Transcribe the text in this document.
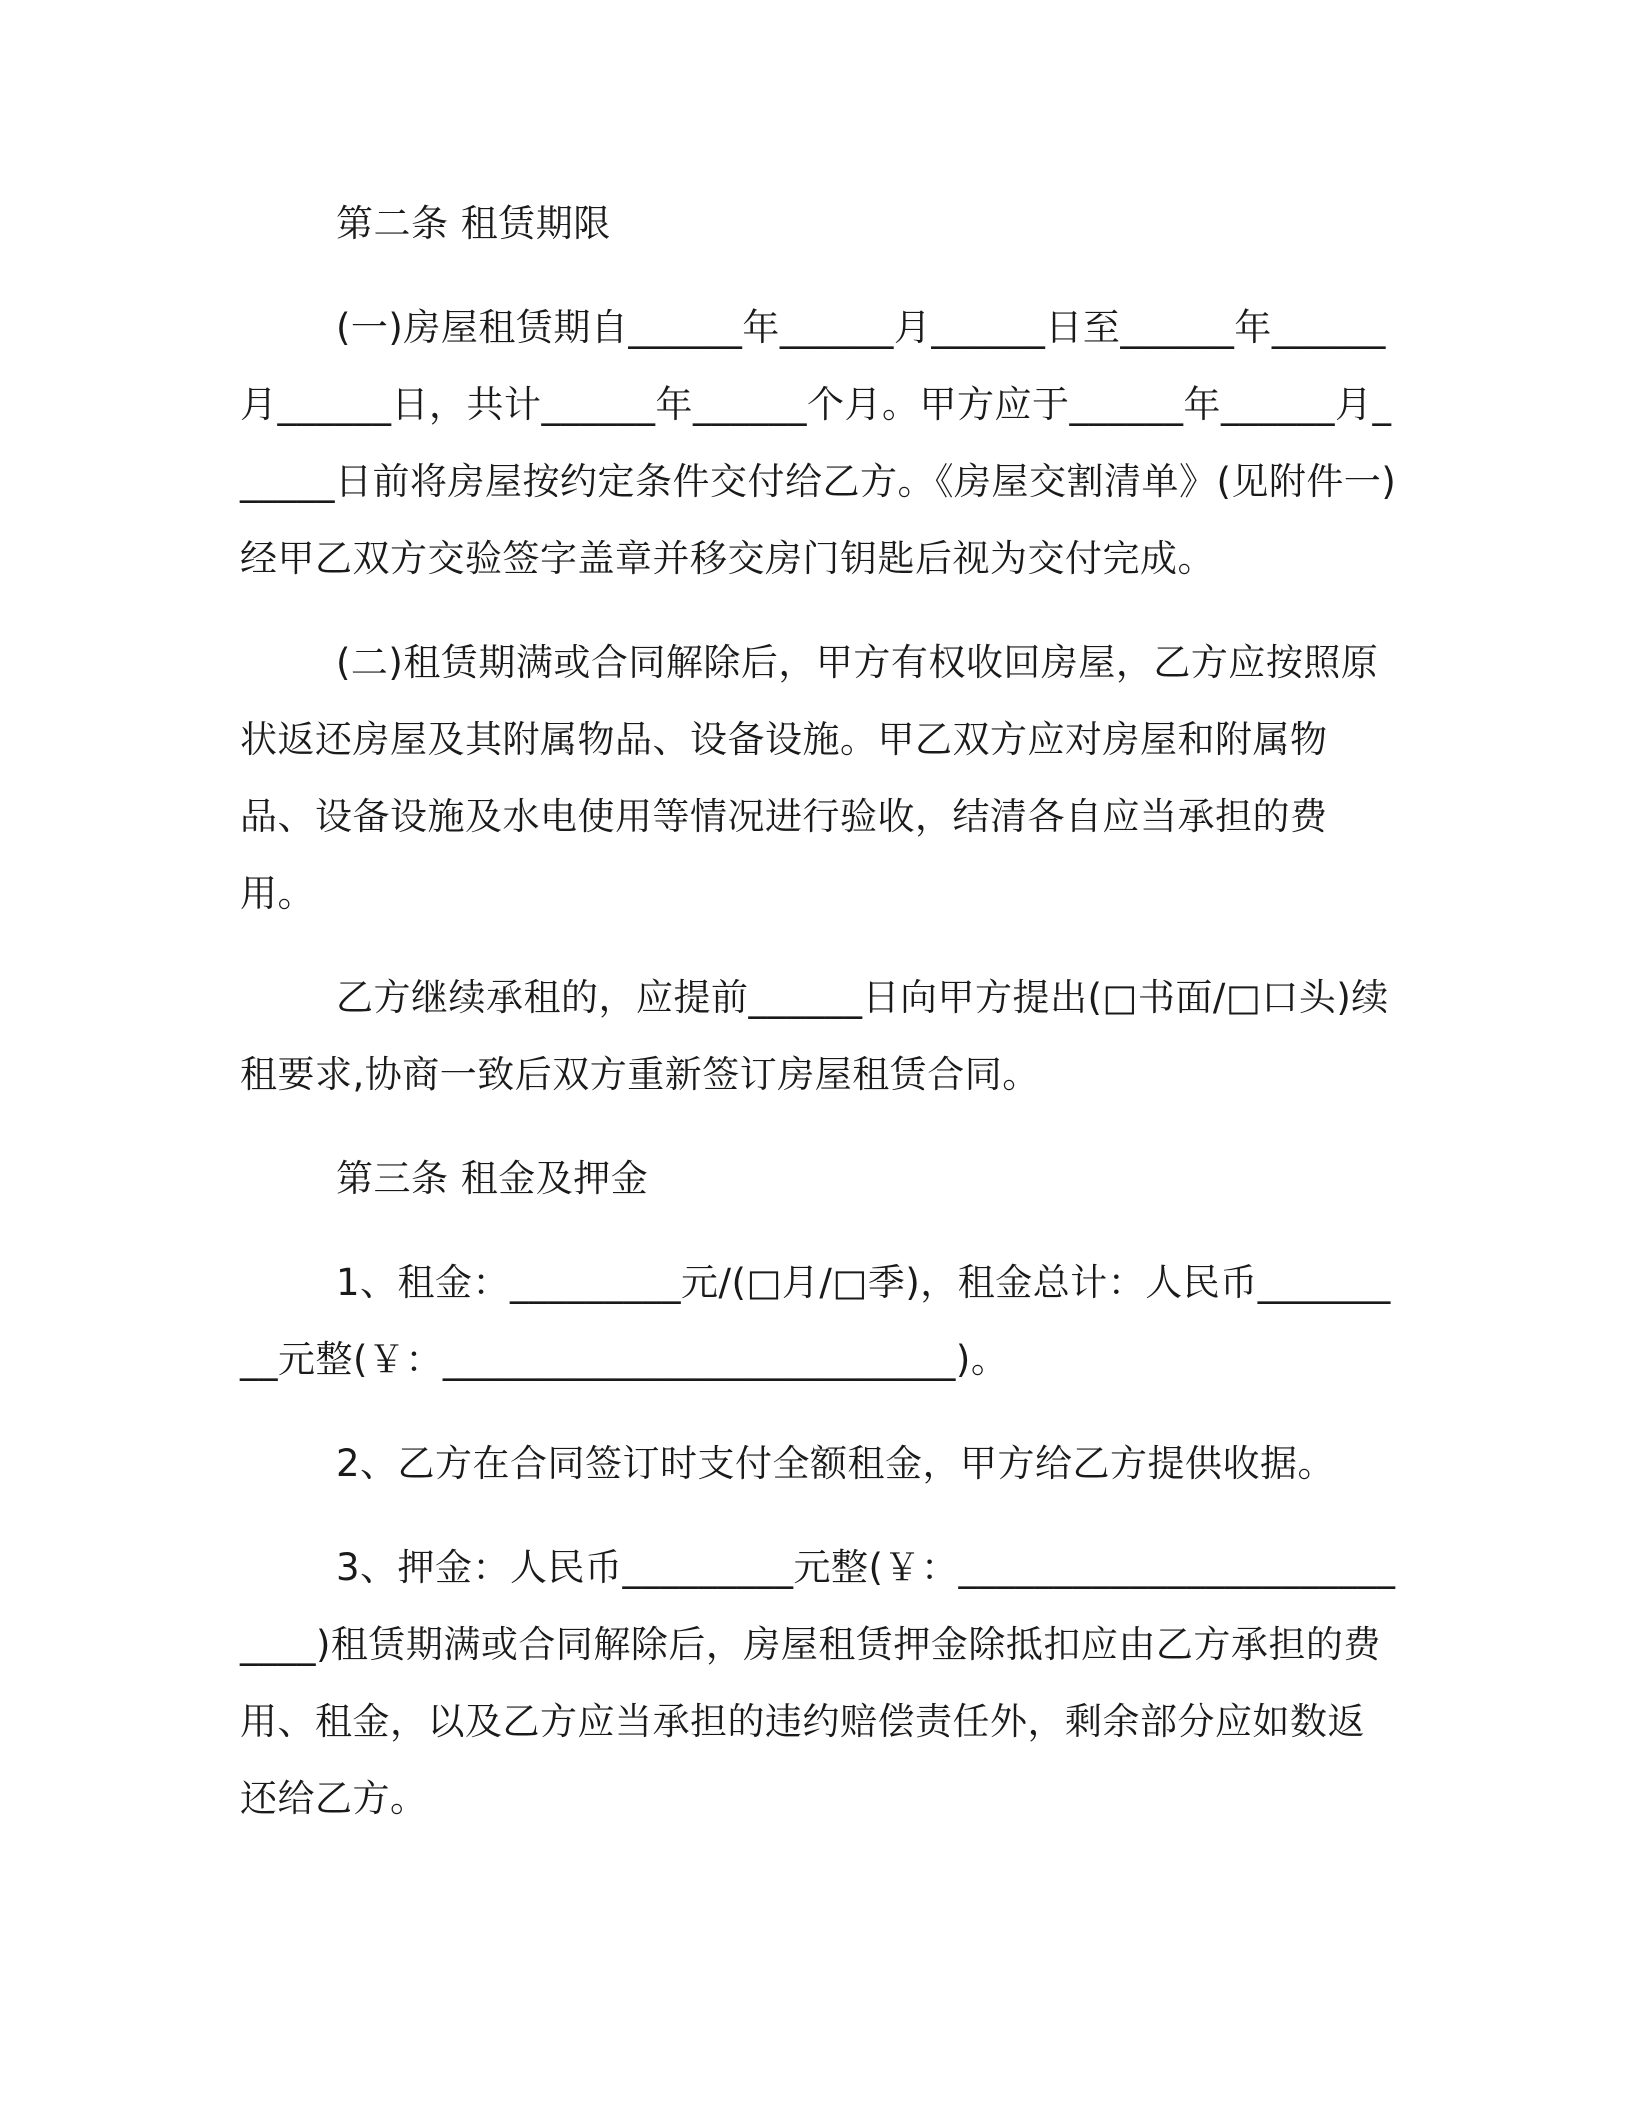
第二条 租赁期限

(一)房屋租赁期自______年______月______日至______年______月______日，共计______年______个月。甲方应于______年______月______日前将房屋按约定条件交付给乙方。《房屋交割清单》(见附件一)经甲乙双方交验签字盖章并移交房门钥匙后视为交付完成。

(二)租赁期满或合同解除后，甲方有权收回房屋，乙方应按照原状返还房屋及其附属物品、设备设施。甲乙双方应对房屋和附属物品、设备设施及水电使用等情况进行验收，结清各自应当承担的费用。

乙方继续承租的，应提前______日向甲方提出(□书面/□口头)续租要求,协商一致后双方重新签订房屋租赁合同。

第三条 租金及押金

1、租金：_________元/(□月/□季)，租金总计：人民币_________元整(￥：___________________________)。

2、乙方在合同签订时支付全额租金，甲方给乙方提供收据。

3、押金：人民币_________元整(￥：___________________________)租赁期满或合同解除后，房屋租赁押金除抵扣应由乙方承担的费用、租金，以及乙方应当承担的违约赔偿责任外，剩余部分应如数返还给乙方。
